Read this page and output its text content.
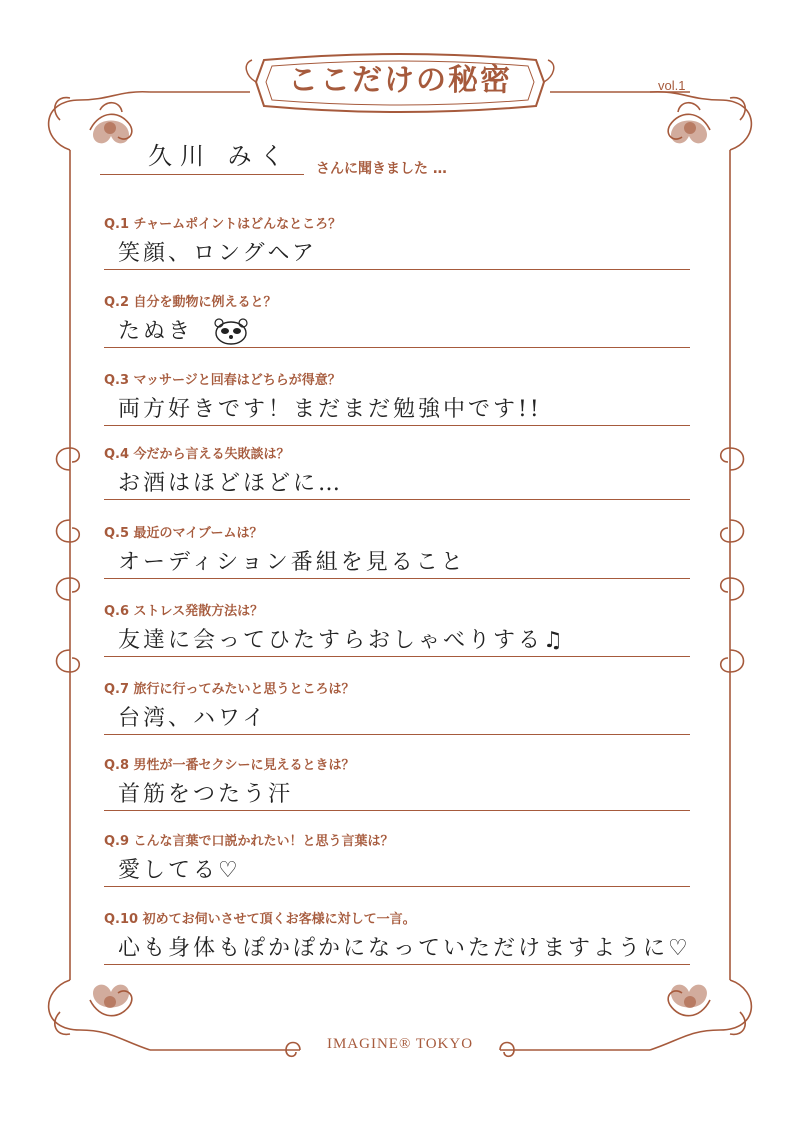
ここだけの秘密	vol.1
久川 みく さんに聞きました …
Q.1 チャームポイントはどんなところ？
笑顔、ロングヘア
Q.2 自分を動物に例えると？
たぬき
Q.3 マッサージと回春はどちらが得意？
両方好きです！まだまだ勉強中です!!
Q.4 今だから言える失敗談は？
お酒はほどほどに…
Q.5 最近のマイブームは？
オーディション番組を見ること
Q.6 ストレス発散方法は？
友達に会ってひたすらおしゃべりする♫
Q.7 旅行に行ってみたいと思うところは？
台湾、ハワイ
Q.8 男性が一番セクシーに見えるときは？
首筋をつたう汗
Q.9 こんな言葉で口説かれたい！と思う言葉は？
愛してる♡
Q.10 初めてお伺いさせて頂くお客様に対して一言。
心も身体もぽかぽかになっていただけますように♡
IMAGINE® TOKYO
